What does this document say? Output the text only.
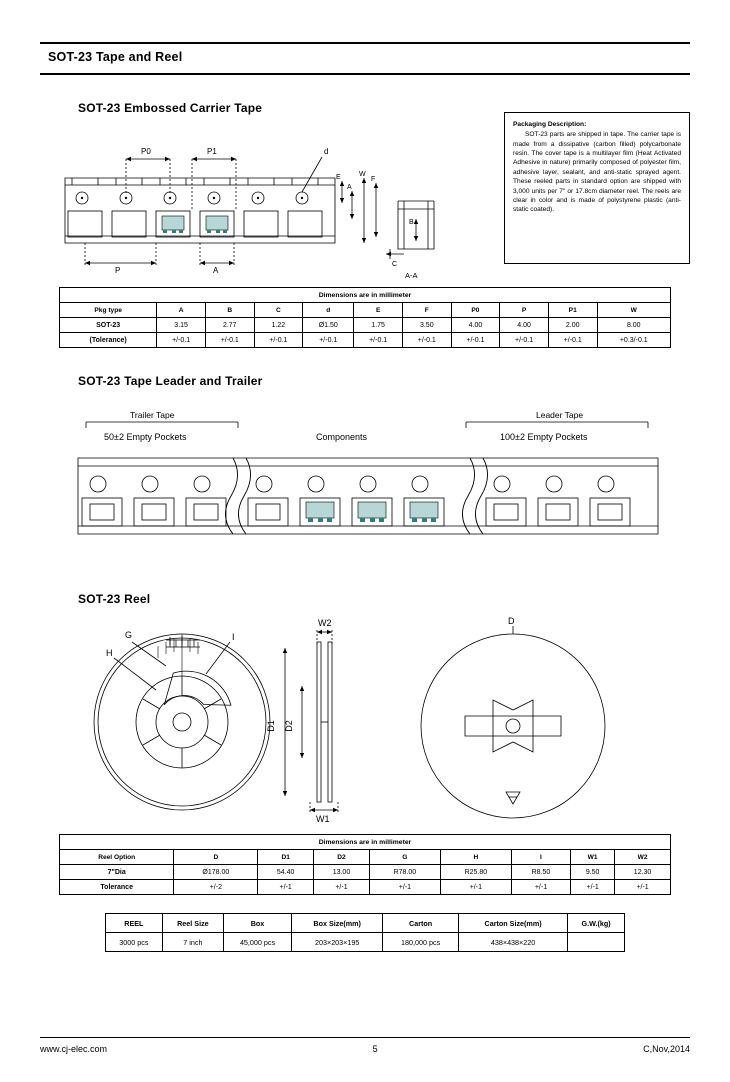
SOT-23 Tape and Reel
SOT-23 Embossed Carrier Tape
Packaging Description:

SOT-23 parts are shipped in tape. The carrier tape is made from a dissipative (carbon filled) polycarbonate resin. The cover tape is a multilayer film (Heat Activated Adhesive in nature) primarily composed of polyester film, adhesive layer, sealant, and anti-static sprayed agent. These reeled parts in standard option are shipped with 3,000 units per 7" or 17.8cm diameter reel. The reels are clear in color and is made of polystyrene plastic (anti-static coated).

P0	P1	d
E
A
W
F
P	A
B
C
A-A
Dimensions are in millimeter										
Pkg type	A	B	C	d	E	F	P0	P	P1	W
SOT-23	3.15	2.77	1.22	Ø1.50	1.75	3.50	4.00	4.00	2.00	8.00
(Tolerance)	+/-0.1	+/-0.1	+/-0.1	+/-0.1	+/-0.1	+/-0.1	+/-0.1	+/-0.1	+/-0.1	+0.3/-0.1
SOT-23 Tape Leader and Trailer
Trailer Tape	Leader Tape
50±2 Empty Pockets	100±2 Empty Pockets
Components
SOT-23 Reel
G
H
I
W2
D1 D2
W1
D
Dimensions are in millimeter								
Reel Option	D	D1	D2	G	H	I	W1	W2
7"Dia	Ø178.00	54.40	13.00	R78.00	R25.80	R8.50	9.50	12.30
Tolerance	+/-2	+/-1	+/-1	+/-1	+/-1	+/-1	+/-1	+/-1
REEL	Reel Size	Box	Box Size(mm)	Carton	Carton Size(mm)	G.W.(kg)
3000 pcs	7 inch	45,000 pcs	203×203×195	180,000 pcs	438×438×220	
www.cj-elec.com	5	C,Nov,2014
